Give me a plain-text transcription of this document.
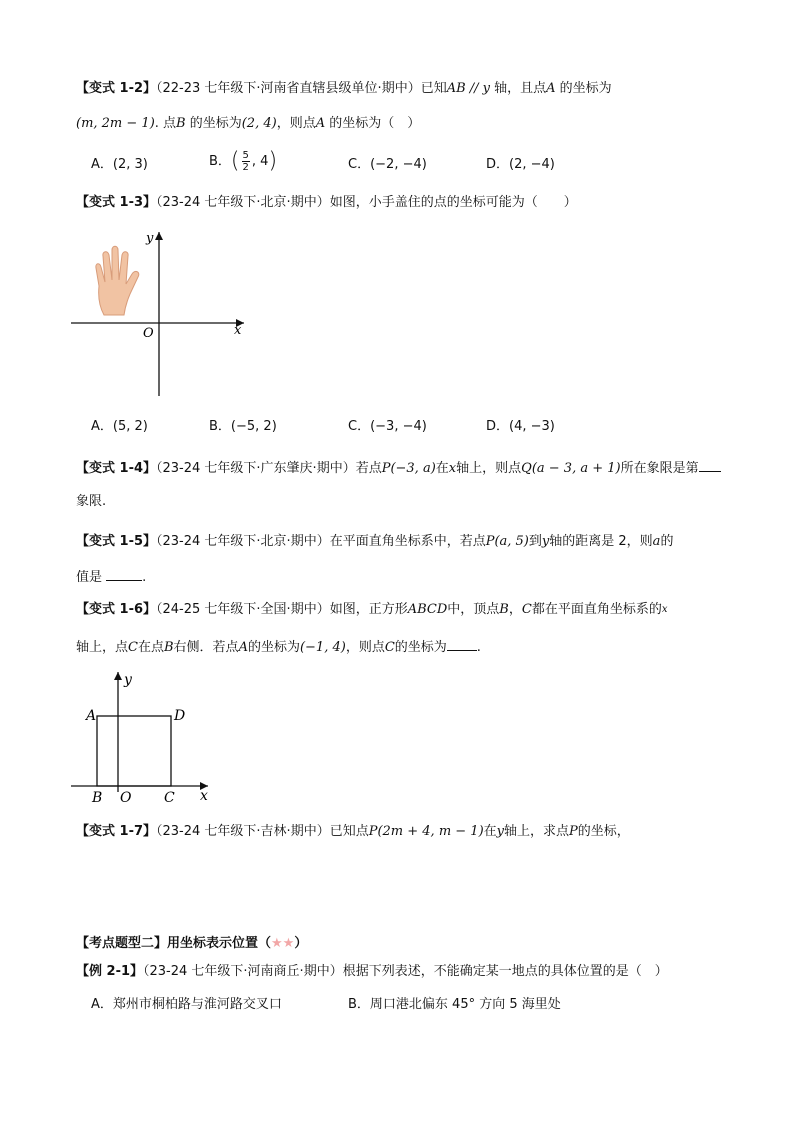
【变式 1-2】（22-23 七年级下·河南省直辖县级单位·期中）已知AB // y 轴，且点A 的坐标为
(m, 2m − 1). 点B 的坐标为(2, 4)，则点A 的坐标为（　）
A．(2, 3)	B．( $\frac{5}{2}$ , 4)	C．(−2, −4)	D．(2, −4)
【变式 1-3】（23-24 七年级下·北京·期中）如图，小手盖住的点的坐标可能为（　　）
y
x
O
A．(5, 2)	B．(−5, 2)	C．(−3, −4)	D．(4, −3)
【变式 1-4】（23-24 七年级下·广东肇庆·期中）若点P(−3, a)在x轴上，则点Q(a − 3, a + 1)所在象限是第
象限.
【变式 1-5】（23-24 七年级下·北京·期中）在平面直角坐标系中，若点P(a, 5)到y轴的距离是 2，则a的
值是	.
【变式 1-6】（24-25 七年级下·全国·期中）如图，正方形ABCD中，顶点B，C都在平面直角坐标系的$^x$
轴上，点C在点B右侧．若点A的坐标为(−1, 4)，则点C的坐标为 .
y
x
A	D
B O C
【变式 1-7】（23-24 七年级下·吉林·期中）已知点P(2m + 4, m − 1)在y轴上，求点P的坐标，
【考点题型二】用坐标表示位置（★★）
【例 2-1】（23-24 七年级下·河南商丘·期中）根据下列表述，不能确定某一地点的具体位置的是（　）
A．郑州市桐柏路与淮河路交叉口	B．周口港北偏东 45° 方向 5 海里处
